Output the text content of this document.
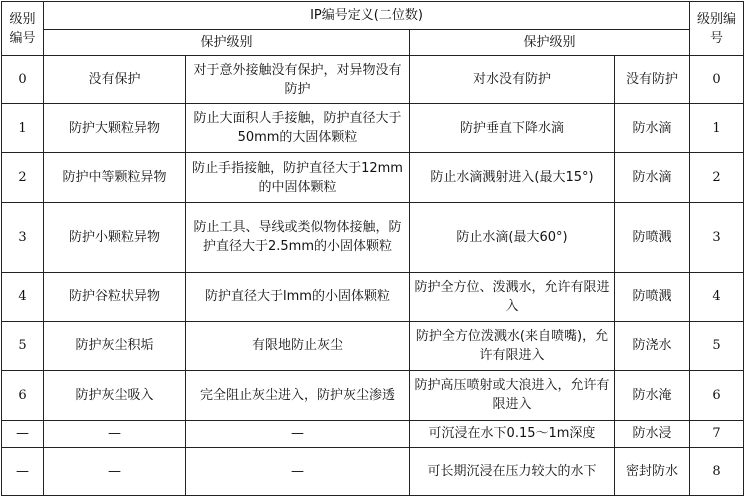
级别编号	IP编号定义(二位数)				级别编号
	保护级别		保护级别		
0	没有保护	对于意外接触没有保护，对异物没有防护	对水没有防护	没有防护	0
1	防护大颗粒异物	防止大面积人手接触，防护直径大于50mm的大固体颗粒	防护垂直下降水滴	防水滴	1
2	防护中等颗粒异物	防止手指接触，防护直径大于12mm的中固体颗粒	防止水滴溅射进入(最大15°)	防水滴	2
3	防护小颗粒异物	防止工具、导线或类似物体接触，防护直径大于2.5mm的小固体颗粒	防止水滴(最大60°)	防喷溅	3
4	防护谷粒状异物	防护直径大于lmm的小固体颗粒	防护全方位、泼溅水，允许有限进入	防喷溅	4
5	防护灰尘积垢	有限地防止灰尘	防护全方位泼溅水(来自喷嘴)，允许有限进入	防浇水	5
6	防护灰尘吸入	完全阻止灰尘进入，防护灰尘渗透	防护高压喷射或大浪进入，允许有限进入	防水淹	6
—	—	—	可沉浸在水下0.15～1m深度	防水浸	7
—	—	—	可长期沉浸在压力较大的水下	密封防水	8
